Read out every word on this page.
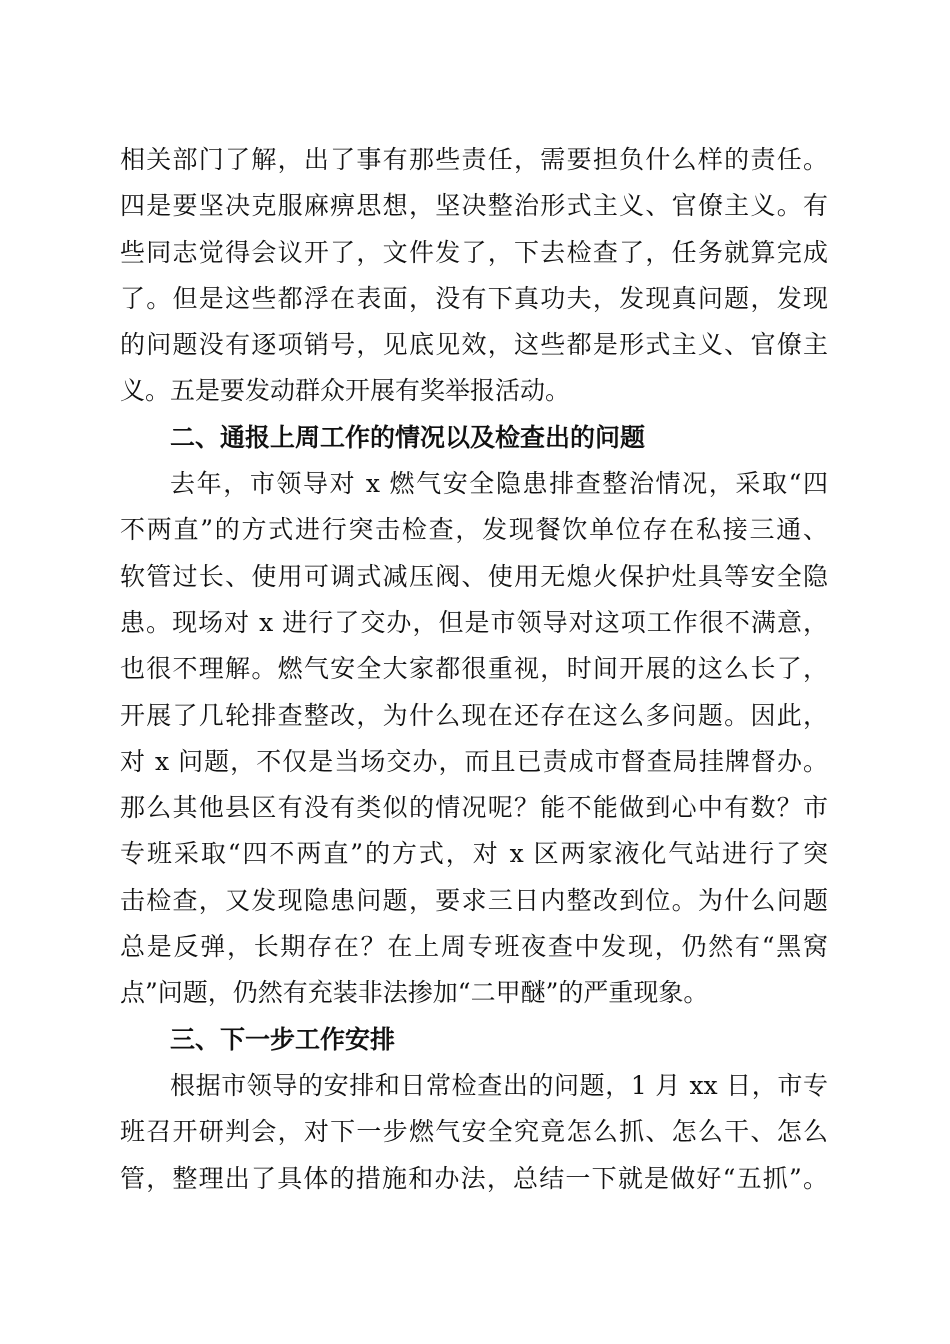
相关部门了解，出了事有那些责任，需要担负什么样的责任。
四是要坚决克服麻痹思想，坚决整治形式主义、官僚主义。有
些同志觉得会议开了，文件发了，下去检查了，任务就算完成
了。但是这些都浮在表面，没有下真功夫，发现真问题，发现
的问题没有逐项销号，见底见效，这些都是形式主义、官僚主
义。五是要发动群众开展有奖举报活动。
二、通报上周工作的情况以及检查出的问题
去年，市领导对 x 燃气安全隐患排查整治情况，采取“四
不两直”的方式进行突击检查，发现餐饮单位存在私接三通、
软管过长、使用可调式减压阀、使用无熄火保护灶具等安全隐
患。现场对 x 进行了交办，但是市领导对这项工作很不满意，
也很不理解。燃气安全大家都很重视，时间开展的这么长了，
开展了几轮排查整改，为什么现在还存在这么多问题。因此，
对 x 问题，不仅是当场交办，而且已责成市督查局挂牌督办。
那么其他县区有没有类似的情况呢？能不能做到心中有数？市
专班采取“四不两直”的方式，对 x 区两家液化气站进行了突
击检查，又发现隐患问题，要求三日内整改到位。为什么问题
总是反弹，长期存在？在上周专班夜查中发现，仍然有“黑窝
点”问题，仍然有充装非法掺加“二甲醚”的严重现象。
三、下一步工作安排
根据市领导的安排和日常检查出的问题，1 月 xx 日，市专
班召开研判会，对下一步燃气安全究竟怎么抓、怎么干、怎么
管，整理出了具体的措施和办法，总结一下就是做好“五抓”。
